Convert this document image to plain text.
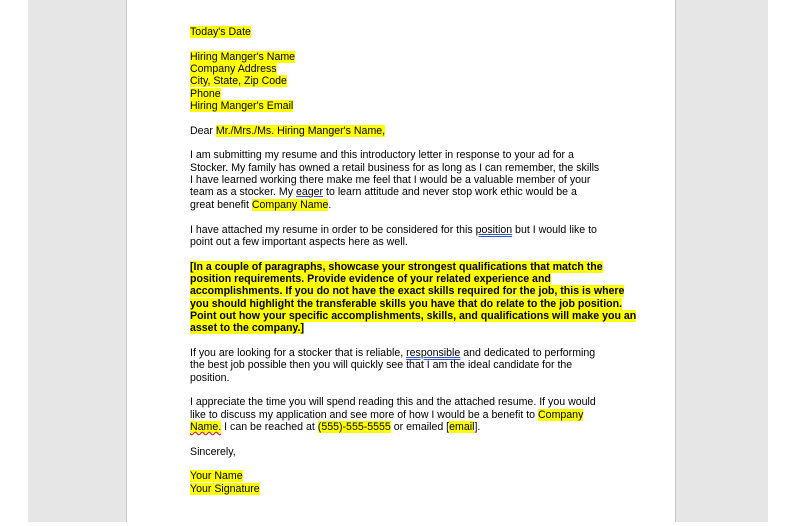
Today's Date
Hiring Manger's Name
Company Address
City, State, Zip Code
Phone
Hiring Manger's Email
Dear Mr./Mrs./Ms. Hiring Manger's Name,
I am submitting my resume and this introductory letter in response to your ad for a
Stocker. My family has owned a retail business for as long as I can remember, the skills
I have learned working there make me feel that I would be a valuable member of your
team as a stocker. My eager to learn attitude and never stop work ethic would be a
great benefit Company Name.
I have attached my resume in order to be considered for this position but I would like to
point out a few important aspects here as well.
[In a couple of paragraphs, showcase your strongest qualifications that match the
position requirements. Provide evidence of your related experience and
accomplishments. If you do not have the exact skills required for the job, this is where
you should highlight the transferable skills you have that do relate to the job position.
Point out how your specific accomplishments, skills, and qualifications will make you an
asset to the company.]
If you are looking for a stocker that is reliable, responsible and dedicated to performing
the best job possible then you will quickly see that I am the ideal candidate for the
position.
I appreciate the time you will spend reading this and the attached resume. If you would
like to discuss my application and see more of how I would be a benefit to Company
Name. I can be reached at (555)-555-5555 or emailed [email].
Sincerely,
Your Name
Your Signature
